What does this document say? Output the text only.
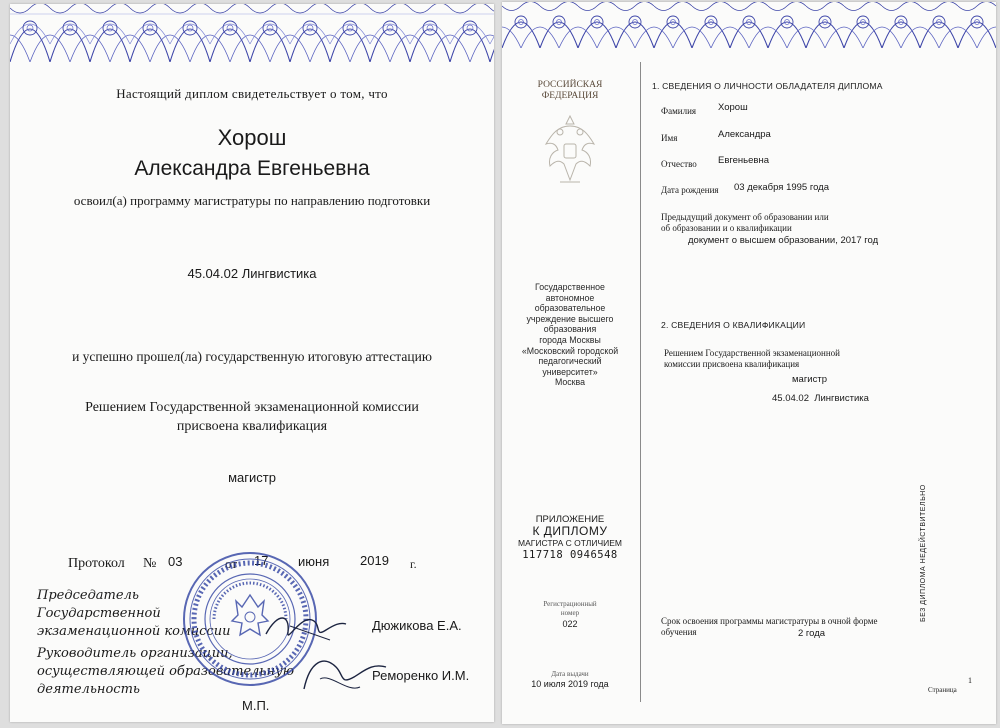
Настоящий диплом свидетельствует о том, что
Хорош
Александра Евгеньевна
освоил(а) программу магистратуры по направлению подготовки
45.04.02 Лингвистика
и успешно прошел(ла) государственную итоговую аттестацию
Решением Государственной экзаменационной комиссии
присвоена квалификация
магистр
Протокол № 03	от 17 июня 2019 г.
Председатель
Государственной
экзаменационной комиссии	Дюжикова Е.А.
Руководитель организации,
осуществляющей образовательную
деятельность
Реморенко И.М.
М.П.
РОССИЙСКАЯ
ФЕДЕРАЦИЯ
Государственное
автономное
образовательное
учреждение высшего
образования
города Москвы
«Московский городской
педагогический
университет»
Москва
ПРИЛОЖЕНИЕ
К ДИПЛОМУ
МАГИСТРА С ОТЛИЧИЕМ
117718 0946548
Регистрационный
номер
022
Дата выдачи
10 июля 2019 года
1. СВЕДЕНИЯ О ЛИЧНОСТИ ОБЛАДАТЕЛЯ ДИПЛОМА
Фамилия Хорош
Имя	Александра
Отчество Евгеньевна
Дата рождения 03 декабря 1995 года
Предыдущий документ об образовании или
об образовании и о квалификации
документ о высшем образовании, 2017 год
2. СВЕДЕНИЯ О КВАЛИФИКАЦИИ
Решением Государственной экзаменационной
комиссии присвоена квалификация
магистр
45.04.02  Лингвистика
Срок освоения программы магистратуры в очной форме
обучения	2 года
Страница
1
БЕЗ ДИПЛОМА НЕДЕЙСТВИТЕЛЬНО
